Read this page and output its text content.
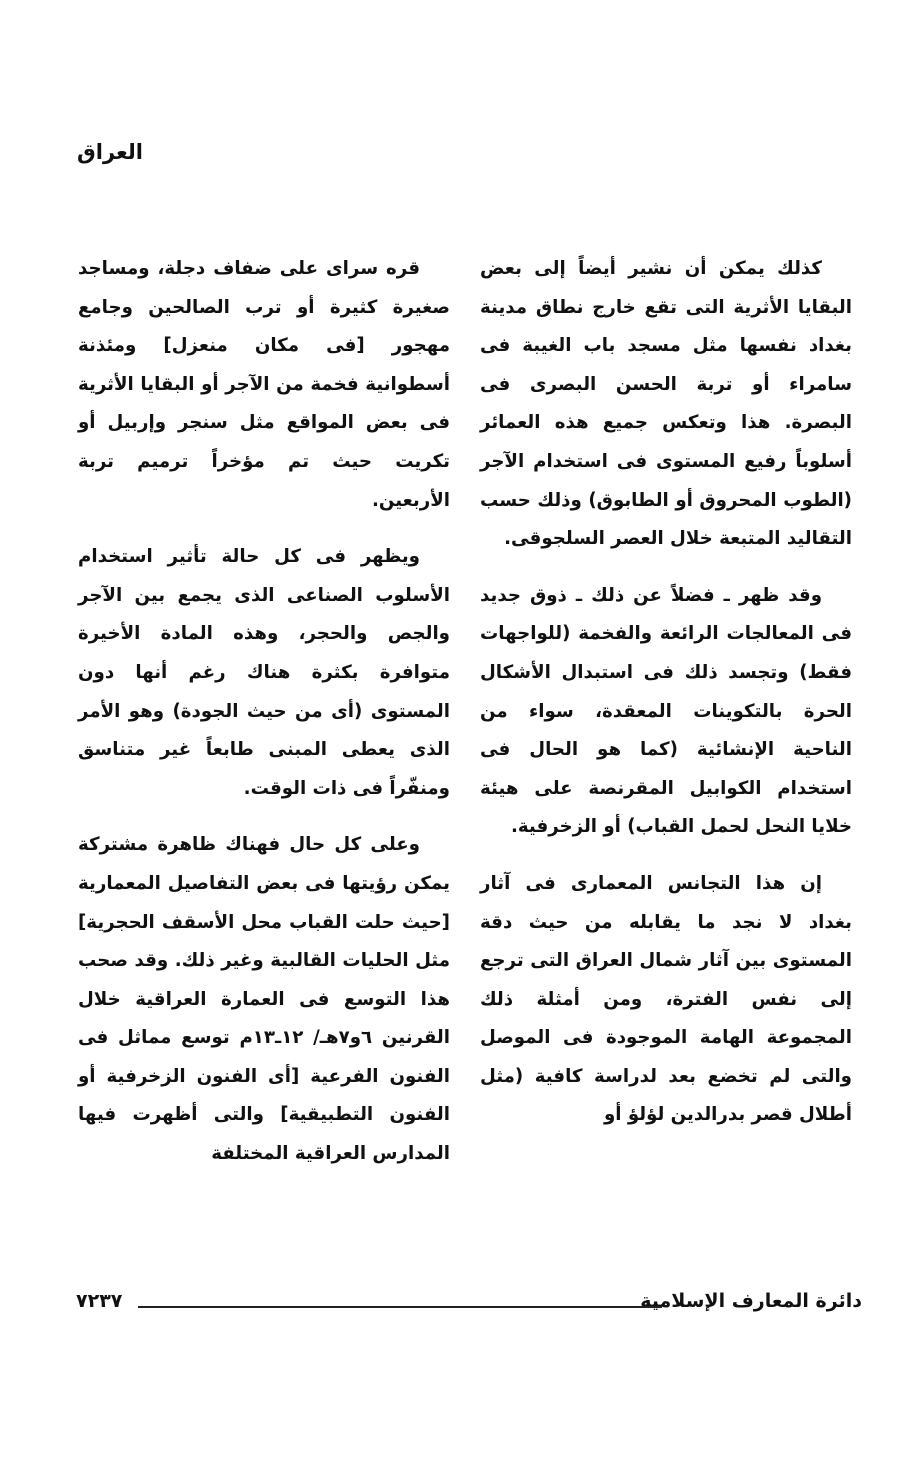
العراق

كذلك يمكن أن نشير أيضاً إلى بعض البقايا الأثرية التى تقع خارج نطاق مدينة بغداد نفسها مثل مسجد باب الغيبة فى سامراء أو تربة الحسن البصرى فى البصرة. هذا وتعكس جميع هذه العمائر أسلوباً رفيع المستوى فى استخدام الآجر (الطوب المحروق أو الطابوق) وذلك حسب التقاليد المتبعة خلال العصر السلجوقى.

وقد ظهر ـ فضلاً عن ذلك ـ ذوق جديد فى المعالجات الرائعة والفخمة (للواجهات فقط) وتجسد ذلك فى استبدال الأشكال الحرة بالتكوينات المعقدة، سواء من الناحية الإنشائية (كما هو الحال فى استخدام الكوابيل المقرنصة على هيئة خلايا النحل لحمل القباب) أو الزخرفية.

إن هذا التجانس المعمارى فى آثار بغداد لا نجد ما يقابله من حيث دقة المستوى بين آثار شمال العراق التى ترجع إلى نفس الفترة، ومن أمثلة ذلك المجموعة الهامة الموجودة فى الموصل والتى لم تخضع بعد لدراسة كافية (مثل أطلال قصر بدرالدين لؤلؤ أو

قره سراى على ضفاف دجلة، ومساجد صغيرة كثيرة أو ترب الصالحين وجامع مهجور [فى مكان منعزل] ومئذنة أسطوانية فخمة من الآجر أو البقايا الأثرية فى بعض المواقع مثل سنجر وإربيل أو تكريت حيث تم مؤخراً ترميم تربة الأربعين.

ويظهر فى كل حالة تأثير استخدام الأسلوب الصناعى الذى يجمع بين الآجر والجص والحجر، وهذه المادة الأخيرة متوافرة بكثرة هناك رغم أنها دون المستوى (أى من حيث الجودة) وهو الأمر الذى يعطى المبنى طابعاً غير متناسق ومنفّراً فى ذات الوقت.

وعلى كل حال فهناك ظاهرة مشتركة يمكن رؤيتها فى بعض التفاصيل المعمارية [حيث حلت القباب محل الأسقف الحجرية] مثل الحليات القالبية وغير ذلك. وقد صحب هذا التوسع فى العمارة العراقية خلال القرنين ٦و٧هـ/ ١٢ـ١٣م توسع مماثل فى الفنون الفرعية [أى الفنون الزخرفية أو الفنون التطبيقية] والتى أظهرت فيها المدارس العراقية المختلفة

دائرة المعارف الإسلامية
٧٢٣٧
